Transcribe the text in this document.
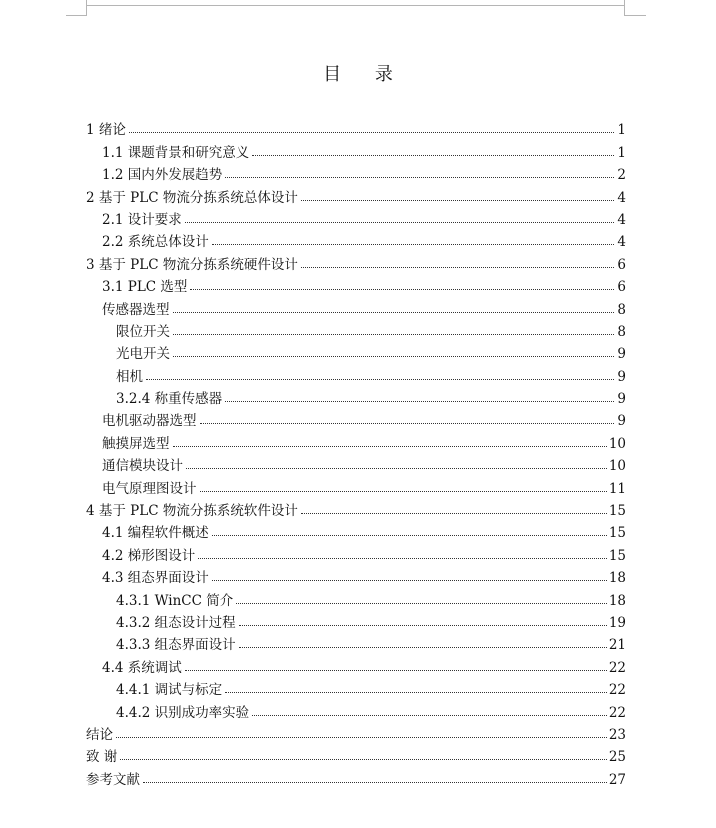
目 录
1 绪论	1
1.1 课题背景和研究意义	1
1.2 国内外发展趋势	2
2 基于 PLC 物流分拣系统总体设计	4
2.1 设计要求	4
2.2 系统总体设计	4
3 基于 PLC 物流分拣系统硬件设计	6
3.1 PLC 选型	6
传感器选型	8
限位开关	8
光电开关	9
相机	9
3.2.4 称重传感器	9
电机驱动器选型	9
触摸屏选型	10
通信模块设计	10
电气原理图设计	11
4 基于 PLC 物流分拣系统软件设计	15
4.1 编程软件概述	15
4.2 梯形图设计	15
4.3 组态界面设计	18
4.3.1 WinCC 简介	18
4.3.2 组态设计过程	19
4.3.3 组态界面设计	21
4.4 系统调试	22
4.4.1 调试与标定	22
4.4.2 识别成功率实验	22
结论	23
致 谢	25
参考文献	27
